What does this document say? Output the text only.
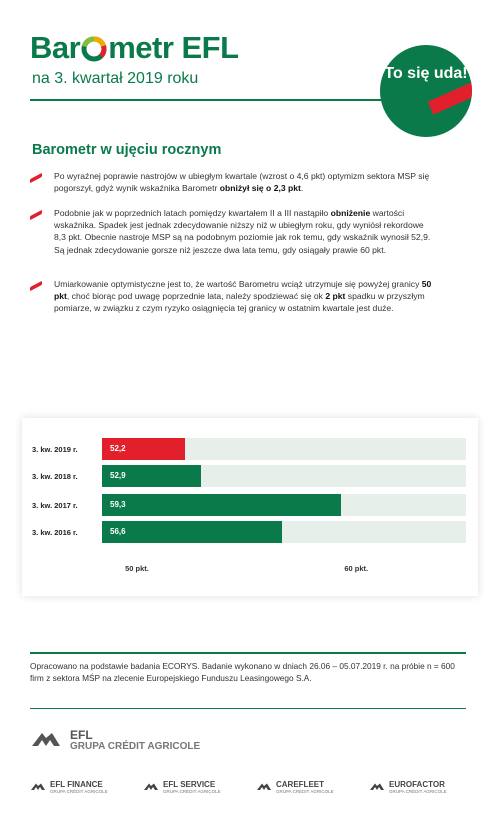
Bar metr EFL
na 3. kwartał 2019 roku	To się uda!
Barometr w ujęciu rocznym
Po wyraźnej poprawie nastrojów w ubiegłym kwartale (wzrost o 4,6 pkt) optymizm sektora MSP się pogorszył, gdyż wynik wskaźnika Barometr obniżył się o 2,3 pkt.
Podobnie jak w poprzednich latach pomiędzy kwartałem II a III nastąpiło obniżenie wartości wskaźnika. Spadek jest jednak zdecydowanie niższy niż w ubiegłym roku, gdy wyniósł rekordowe 8,3 pkt. Obecnie nastroje MSP są na podobnym poziomie jak rok temu, gdy wskaźnik wynosił 52,9. Są jednak zdecydowanie gorsze niż jeszcze dwa lata temu, gdy osiągały prawie 60 pkt.
Umiarkowanie optymistyczne jest to, że wartość Barometru wciąż utrzymuje się powyżej granicy 50 pkt, choć biorąc pod uwagę poprzednie lata, należy spodziewać się ok 2 pkt spadku w przyszłym pomiarze, w związku z czym ryzyko osiągnięcia tej granicy w ostatnim kwartale jest duże.
3. kw. 2019 r.	52,2
3. kw. 2018 r.	52,9
3. kw. 2017 r.	59,3
3. kw. 2016 r.	56,6
50 pkt.	60 pkt.
Opracowano na podstawie badania ECORYS. Badanie wykonano w dniach 26.06 – 05.07.2019 r. na próbie n = 600 firm z sektora MŚP na zlecenie Europejskiego Funduszu Leasingowego S.A.
EFL
GRUPA CRÉDIT AGRICOLE
EFL FINANCE
GRUPA CRÉDIT AGRICOLE
EFL SERVICE
GRUPA CRÉDIT AGRICOLE
CAREFLEET
GRUPA CRÉDIT AGRICOLE
EUROFACTOR
GRUPA CRÉDIT AGRICOLE
